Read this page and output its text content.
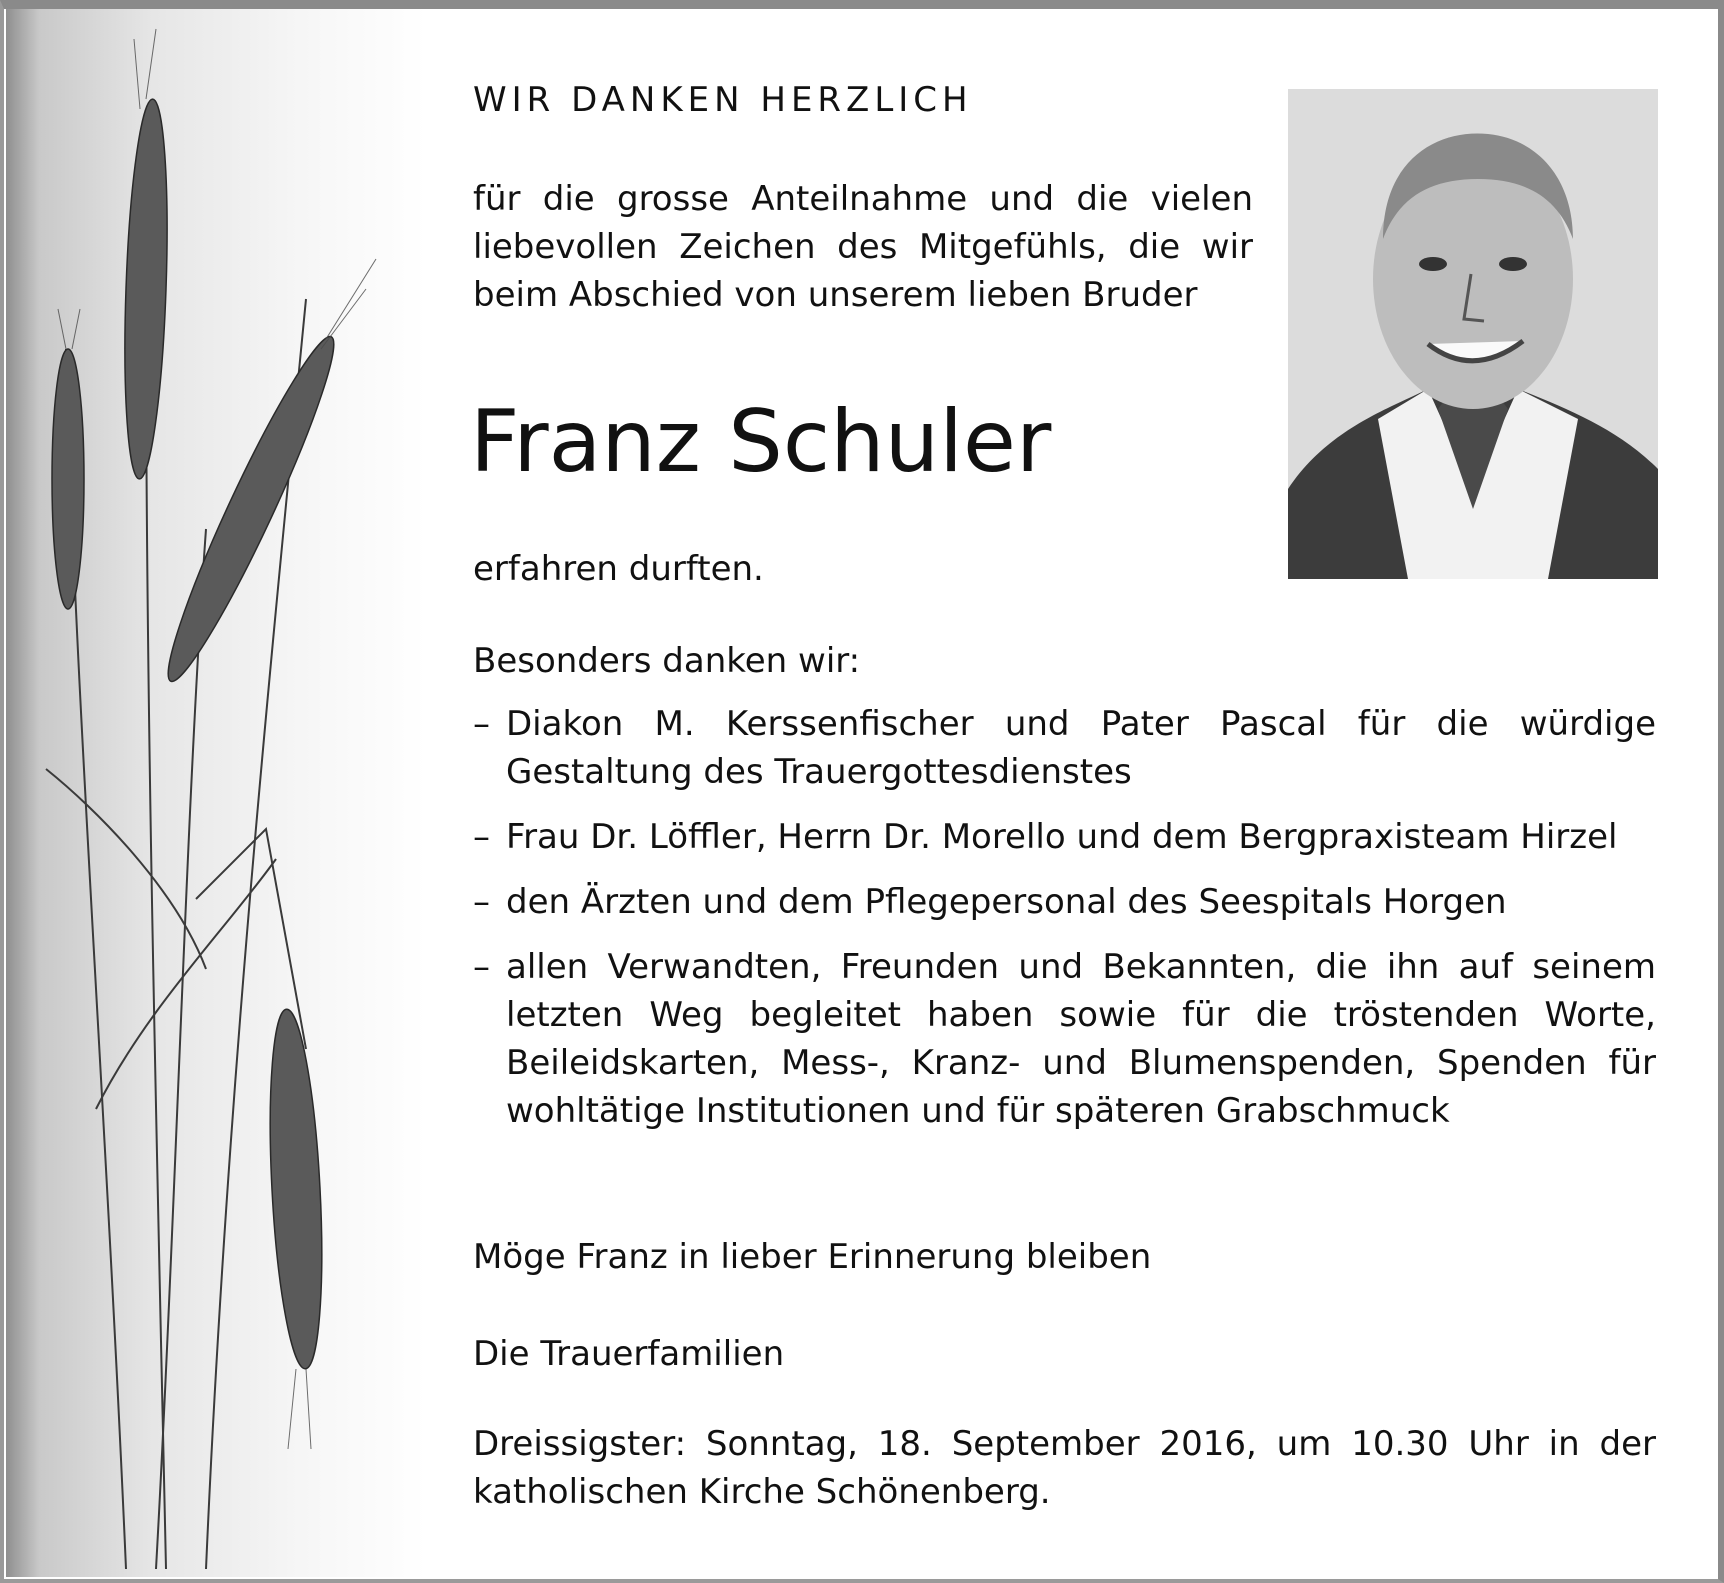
WIR DANKEN HERZLICH

für die grosse Anteilnahme und die vielen
liebevollen Zeichen des Mitgefühls, die wir
beim Abschied von unserem lieben Bruder

Franz Schuler

erfahren durften.

Besonders danken wir:

– Diakon M. Kerssenfischer und Pater Pascal für die würdige Gestaltung des Trauergottesdienstes
– Frau Dr. Löffler, Herrn Dr. Morello und dem Bergpraxisteam Hirzel
– den Ärzten und dem Pflegepersonal des Seespitals Horgen
– allen Verwandten, Freunden und Bekannten, die ihn auf seinem letzten Weg begleitet haben sowie für die tröstenden Worte, Beileidskarten, Mess-, Kranz- und Blumenspenden, Spenden für wohltätige Institutionen und für späteren Grabschmuck

Möge Franz in lieber Erinnerung bleiben

Die Trauerfamilien

Dreissigster: Sonntag, 18. September 2016, um 10.30 Uhr in der katholischen Kirche Schönenberg.
